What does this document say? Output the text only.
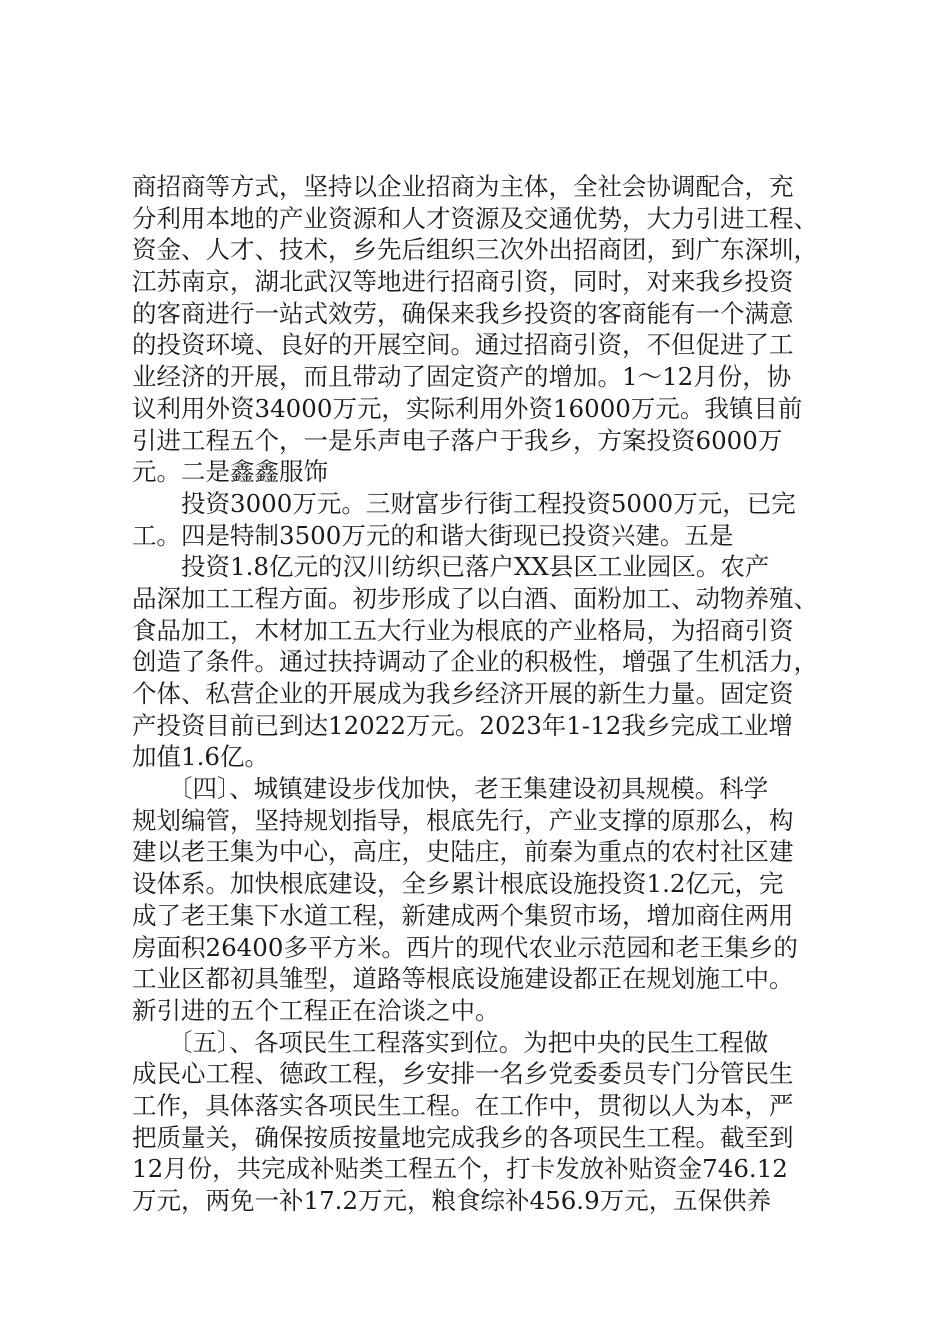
商招商等方式，坚持以企业招商为主体，全社会协调配合，充
分利用本地的产业资源和人才资源及交通优势，大力引进工程、
资金、人才、技术，乡先后组织三次外出招商团，到广东深圳，
江苏南京，湖北武汉等地进行招商引资，同时，对来我乡投资
的客商进行一站式效劳，确保来我乡投资的客商能有一个满意
的投资环境、良好的开展空间。通过招商引资，不但促进了工
业经济的开展，而且带动了固定资产的增加。1～12月份，协
议利用外资34000万元，实际利用外资16000万元。我镇目前
引进工程五个，一是乐声电子落户于我乡，方案投资6000万
元。二是鑫鑫服饰
投资3000万元。三财富步行街工程投资5000万元，已完
工。四是特制3500万元的和谐大街现已投资兴建。五是
投资1.8亿元的汉川纺织已落户XX县区工业园区。农产
品深加工工程方面。初步形成了以白酒、面粉加工、动物养殖、
食品加工，木材加工五大行业为根底的产业格局，为招商引资
创造了条件。通过扶持调动了企业的积极性，增强了生机活力，
个体、私营企业的开展成为我乡经济开展的新生力量。固定资
产投资目前已到达12022万元。2023年1-12我乡完成工业增
加值1.6亿。
〔四〕、城镇建设步伐加快，老王集建设初具规模。科学
规划编管，坚持规划指导，根底先行，产业支撑的原那么，构
建以老王集为中心，高庄，史陆庄，前秦为重点的农村社区建
设体系。加快根底建设，全乡累计根底设施投资1.2亿元，完
成了老王集下水道工程，新建成两个集贸市场，增加商住两用
房面积26400多平方米。西片的现代农业示范园和老王集乡的
工业区都初具雏型，道路等根底设施建设都正在规划施工中。
新引进的五个工程正在洽谈之中。
〔五〕、各项民生工程落实到位。为把中央的民生工程做
成民心工程、德政工程，乡安排一名乡党委委员专门分管民生
工作，具体落实各项民生工程。在工作中，贯彻以人为本，严
把质量关，确保按质按量地完成我乡的各项民生工程。截至到
12月份，共完成补贴类工程五个，打卡发放补贴资金746.12
万元，两免一补17.2万元，粮食综补456.9万元，五保供养
